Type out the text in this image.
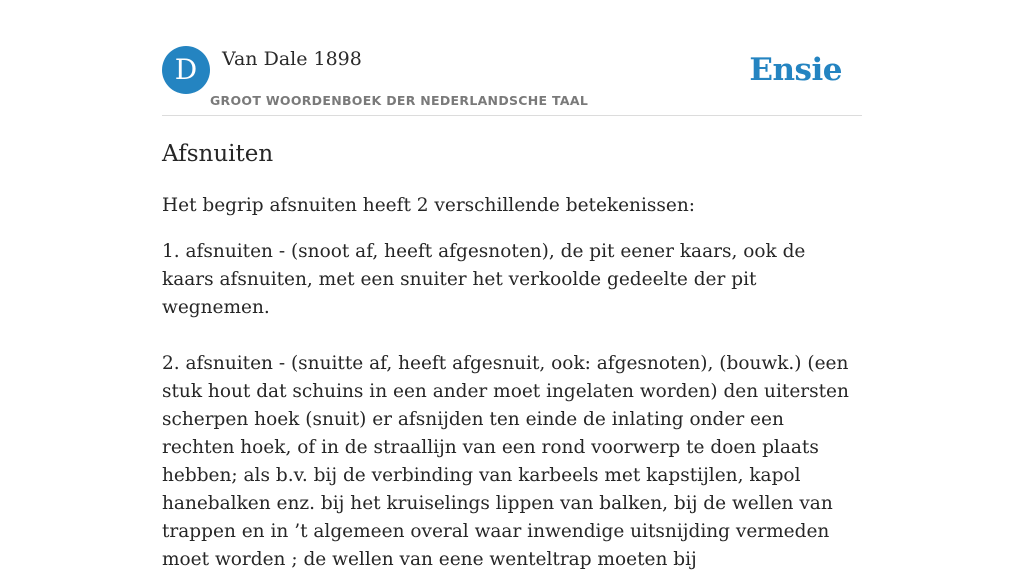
D	Van Dale 1898
GROOT WOORDENBOEK DER NEDERLANDSCHE TAAL
Ensie
Afsnuiten

Het begrip afsnuiten heeft 2 verschillende betekenissen:

1. afsnuiten - (snoot af, heeft afgesnoten), de pit eener kaars, ook de kaars afsnuiten, met een snuiter het verkoolde gedeelte der pit wegnemen.

2. afsnuiten - (snuitte af, heeft afgesnuit, ook: afgesnoten), (bouwk.) (een stuk hout dat schuins in een ander moet ingelaten worden) den uitersten scherpen hoek (snuit) er afsnijden ten einde de inlating onder een rechten hoek, of in de straallijn van een rond voorwerp te doen plaats hebben; als b.v. bij de verbinding van karbeels met kapstijlen, kapol hanebalken enz. bij het kruiselings lippen van balken, bij de wellen van trappen en in ’t algemeen overal waar inwendige uitsnijding vermeden moet worden ; de wellen van eene wenteltrap moeten bij
